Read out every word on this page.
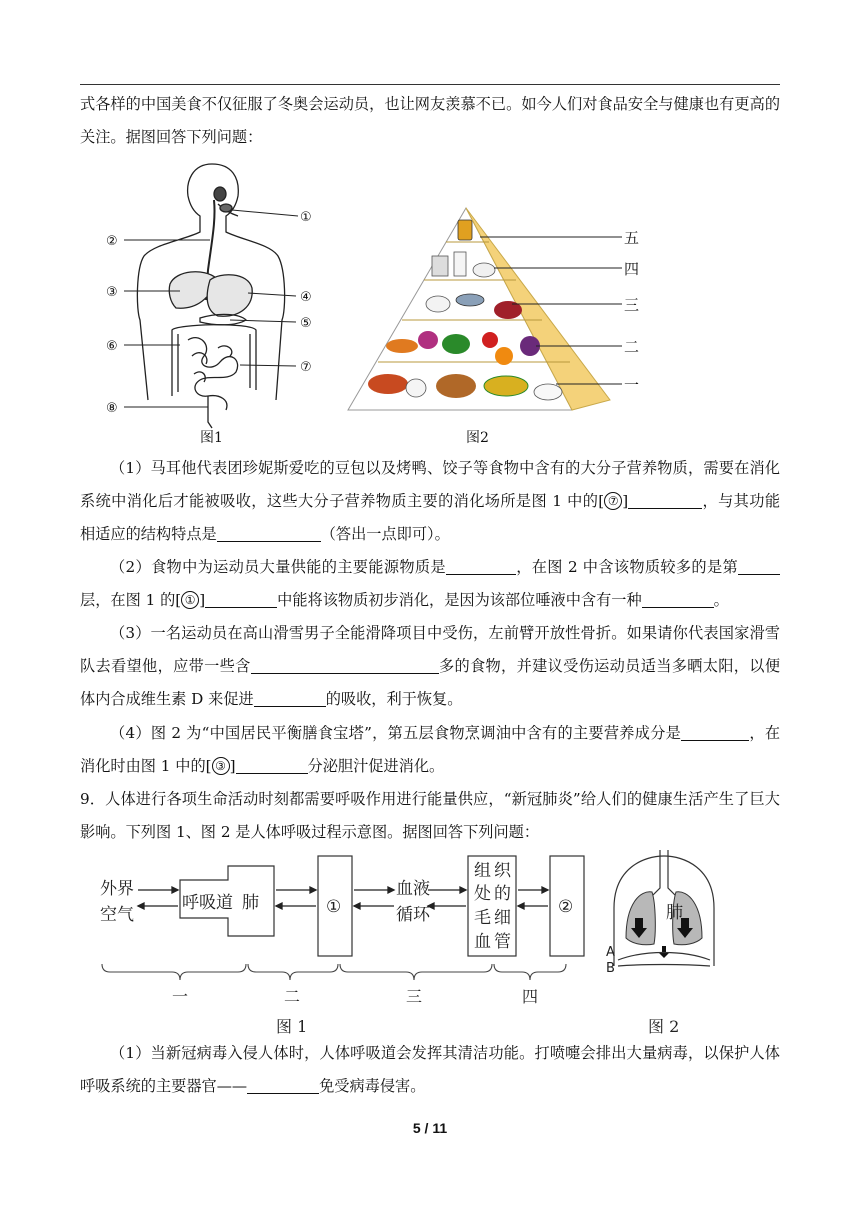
式各样的中国美食不仅征服了冬奥会运动员，也让网友羡慕不已。如今人们对食品安全与健康也有更高的关注。据图回答下列问题：
①
②
③	④
⑤
⑥
⑦
⑧
图1
五
四
三
二
一
图2
（1）马耳他代表团珍妮斯爱吃的豆包以及烤鸭、饺子等食物中含有的大分子营养物质，需要在消化系统中消化后才能被吸收，这些大分子营养物质主要的消化场所是图 1 中的[ ⑦ ]	，与其功能相适应的结构特点是	（答出一点即可）。
（2）食物中为运动员大量供能的主要能源物质是	，在图 2 中含该物质较多的是第层，在图 1 的[ ① ]	中能将该物质初步消化，是因为该部位唾液中含有一种	。
（3）一名运动员在高山滑雪男子全能滑降项目中受伤，左前臂开放性骨折。如果请你代表国家滑雪队去看望他，应带一些含	多的食物，并建议受伤运动员适当多晒太阳，以便体内合成维生素 D 来促进	的吸收，利于恢复。
（4）图 2 为“中国居民平衡膳食宝塔”，第五层食物烹调油中含有的主要营养成分是	，在消化时由图 1 中的[ ③ ]	分泌胆汁促进消化。
9．人体进行各项生命活动时刻都需要呼吸作用进行能量供应，“新冠肺炎”给人们的健康生活产生了巨大影响。下列图 1、图 2 是人体呼吸过程示意图。据图回答下列问题：
外界
空气
呼吸道 肺	①
血液
循环
组 织
处 的
毛 细
血 管
②
一	二	三	四
图 1
肺
A
B
图 2
（1）当新冠病毒入侵人体时，人体呼吸道会发挥其清洁功能。打喷嚏会排出大量病毒，以保护人体呼吸系统的主要器官——	免受病毒侵害。
5 / 11
